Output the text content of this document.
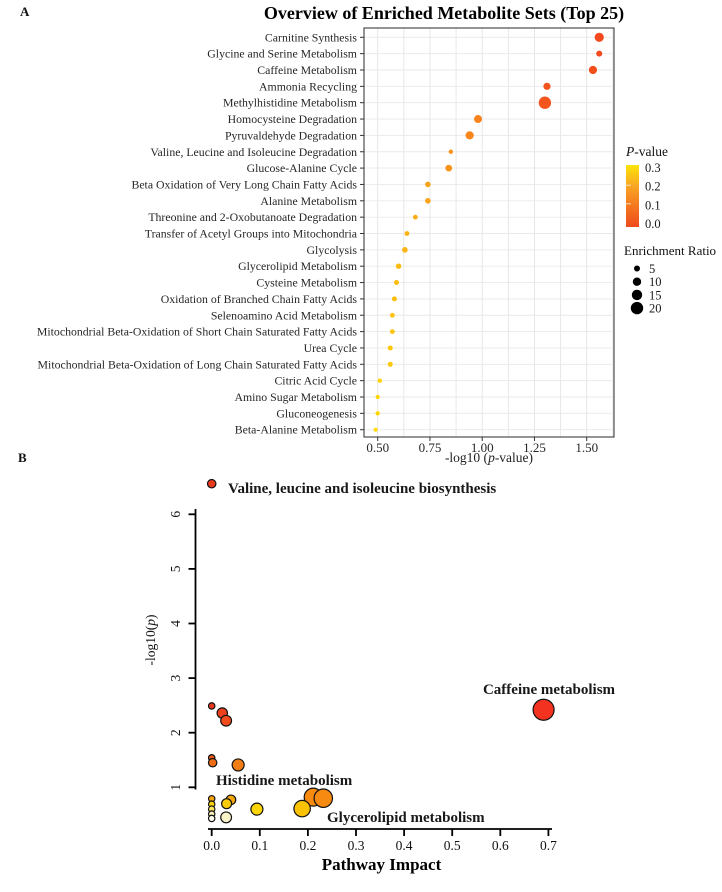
Carnitine Synthesis
Glycine and Serine Metabolism
Caffeine Metabolism
Ammonia Recycling
Methylhistidine Metabolism
Homocysteine Degradation
Pyruvaldehyde Degradation
Valine, Leucine and Isoleucine Degradation
Glucose-Alanine Cycle
Beta Oxidation of Very Long Chain Fatty Acids
Alanine Metabolism
Threonine and 2-Oxobutanoate Degradation
Transfer of Acetyl Groups into Mitochondria
Glycolysis
Glycerolipid Metabolism
Cysteine Metabolism
Oxidation of Branched Chain Fatty Acids
Selenoamino Acid Metabolism
Mitochondrial Beta-Oxidation of Short Chain Saturated Fatty Acids
Urea Cycle
Mitochondrial Beta-Oxidation of Long Chain Saturated Fatty Acids
Citric Acid Cycle
Amino Sugar Metabolism
Gluconeogenesis
Beta-Alanine Metabolism
0.50 0.75 1.00 1.25 1.50
0.3
0.2
0.1
0.0
5
10
15
20
1
2
3
4
5
6
0.0 0.1 0.2 0.3 0.4 0.5 0.6 0.7
Valine, leucine and isoleucine biosynthesis
Caffeine metabolism
Histidine metabolism
Glycerolipid metabolism
A
B
Overview of Enriched Metabolite Sets (Top 25)
-log10 (p-value)
P-value
Enrichment Ratio
Pathway Impact
-log10(p)
